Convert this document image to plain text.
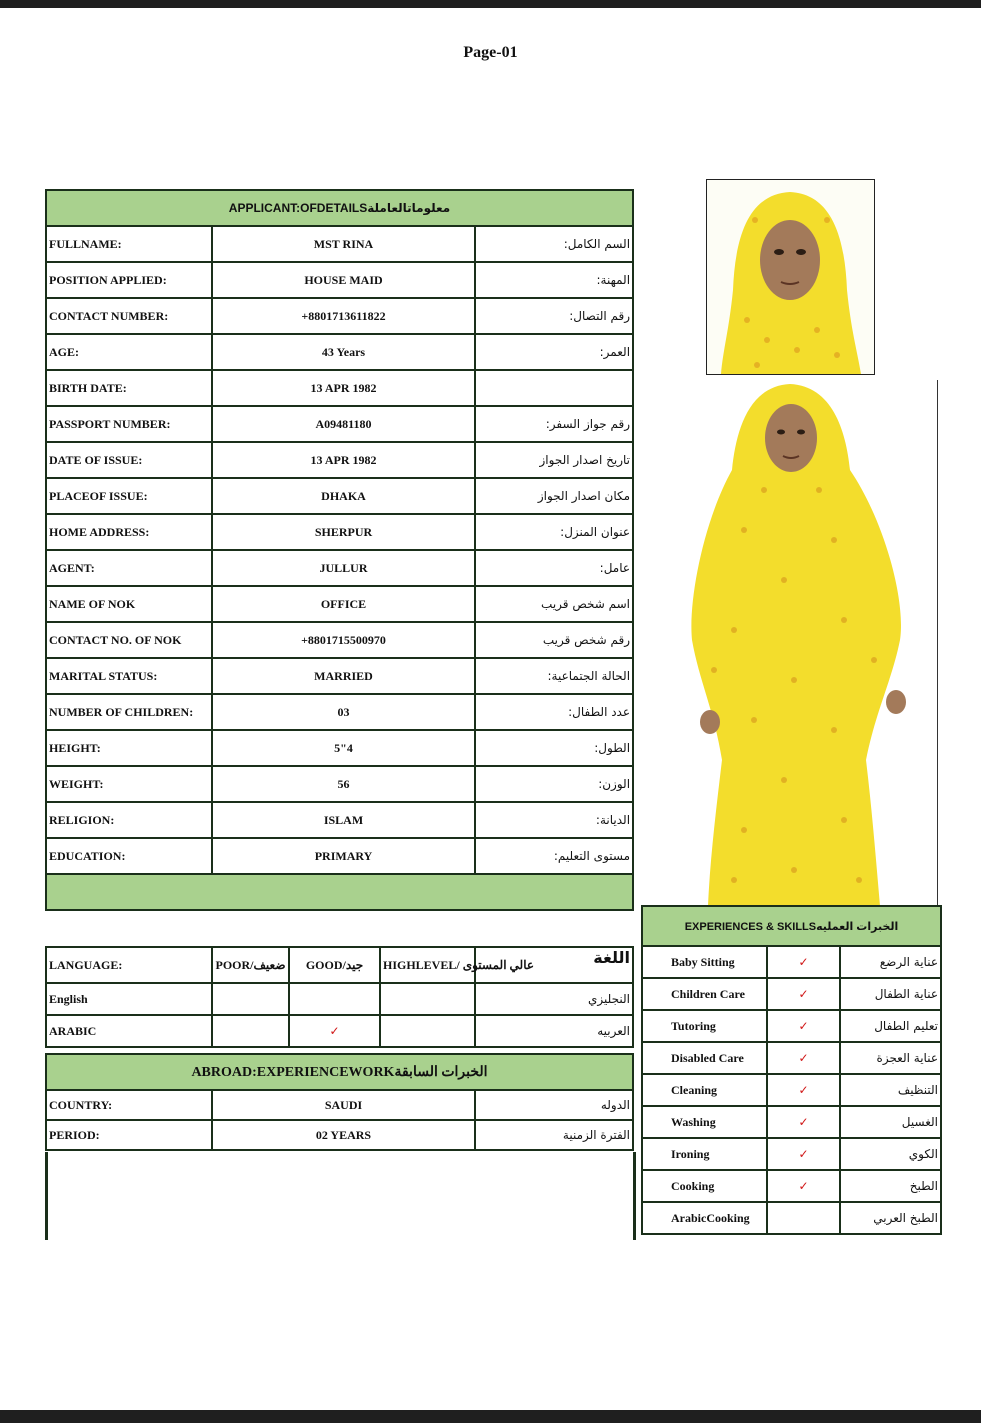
Page-01
APPLICANT:OFDETAILSمعلوماتالعاملة		
FULLNAME:	MST RINA	السم الكامل:
POSITION APPLIED:	HOUSE MAID	المهنة:
CONTACT NUMBER:	+8801713611822	رقم التصال:
AGE:	43 Years	العمر:
BIRTH DATE:	13 APR 1982	
PASSPORT NUMBER:	A09481180	رقم جواز السفر:
DATE OF ISSUE:	13 APR 1982	تاريخ اصدار الجواز
PLACEOF ISSUE:	DHAKA	مكان اصدار الجواز
HOME ADDRESS:	SHERPUR	عنوان المنزل:
AGENT:	JULLUR	عامل:
NAME OF NOK	OFFICE	اسم شخص قريب
CONTACT NO. OF NOK	+8801715500970	رقم شخص قريب
MARITAL STATUS:	MARRIED	الحالة الجتماعية:
NUMBER OF CHILDREN:	03	عدد الطفال:
HEIGHT:	5"4	الطول:
WEIGHT:	56	الوزن:
RELIGION:	ISLAM	الديانة:
EDUCATION:	PRIMARY	مستوى التعليم:

LANGUAGE:	POOR/ضعيف	GOOD/جيد	HIGHLEVEL/ عالي المستوى	اللغة
English				النجليزي
ARABIC		✓		العربيه
ABROAD:EXPERIENCEWORKالخبرات السابقة		
COUNTRY:	SAUDI	الدوله
PERIOD:	02 YEARS	الفترة الزمنية
EXPERIENCES & SKILLSالخبرات العمليه		
Baby Sitting	✓	عناية الرضع
Children Care	✓	عناية الطفال
Tutoring	✓	تعليم الطفال
Disabled Care	✓	عناية العجزة
Cleaning	✓	التنظيف
Washing	✓	الغسيل
Ironing	✓	الكوي
Cooking	✓	الطبخ
ArabicCooking		الطبخ العربي
